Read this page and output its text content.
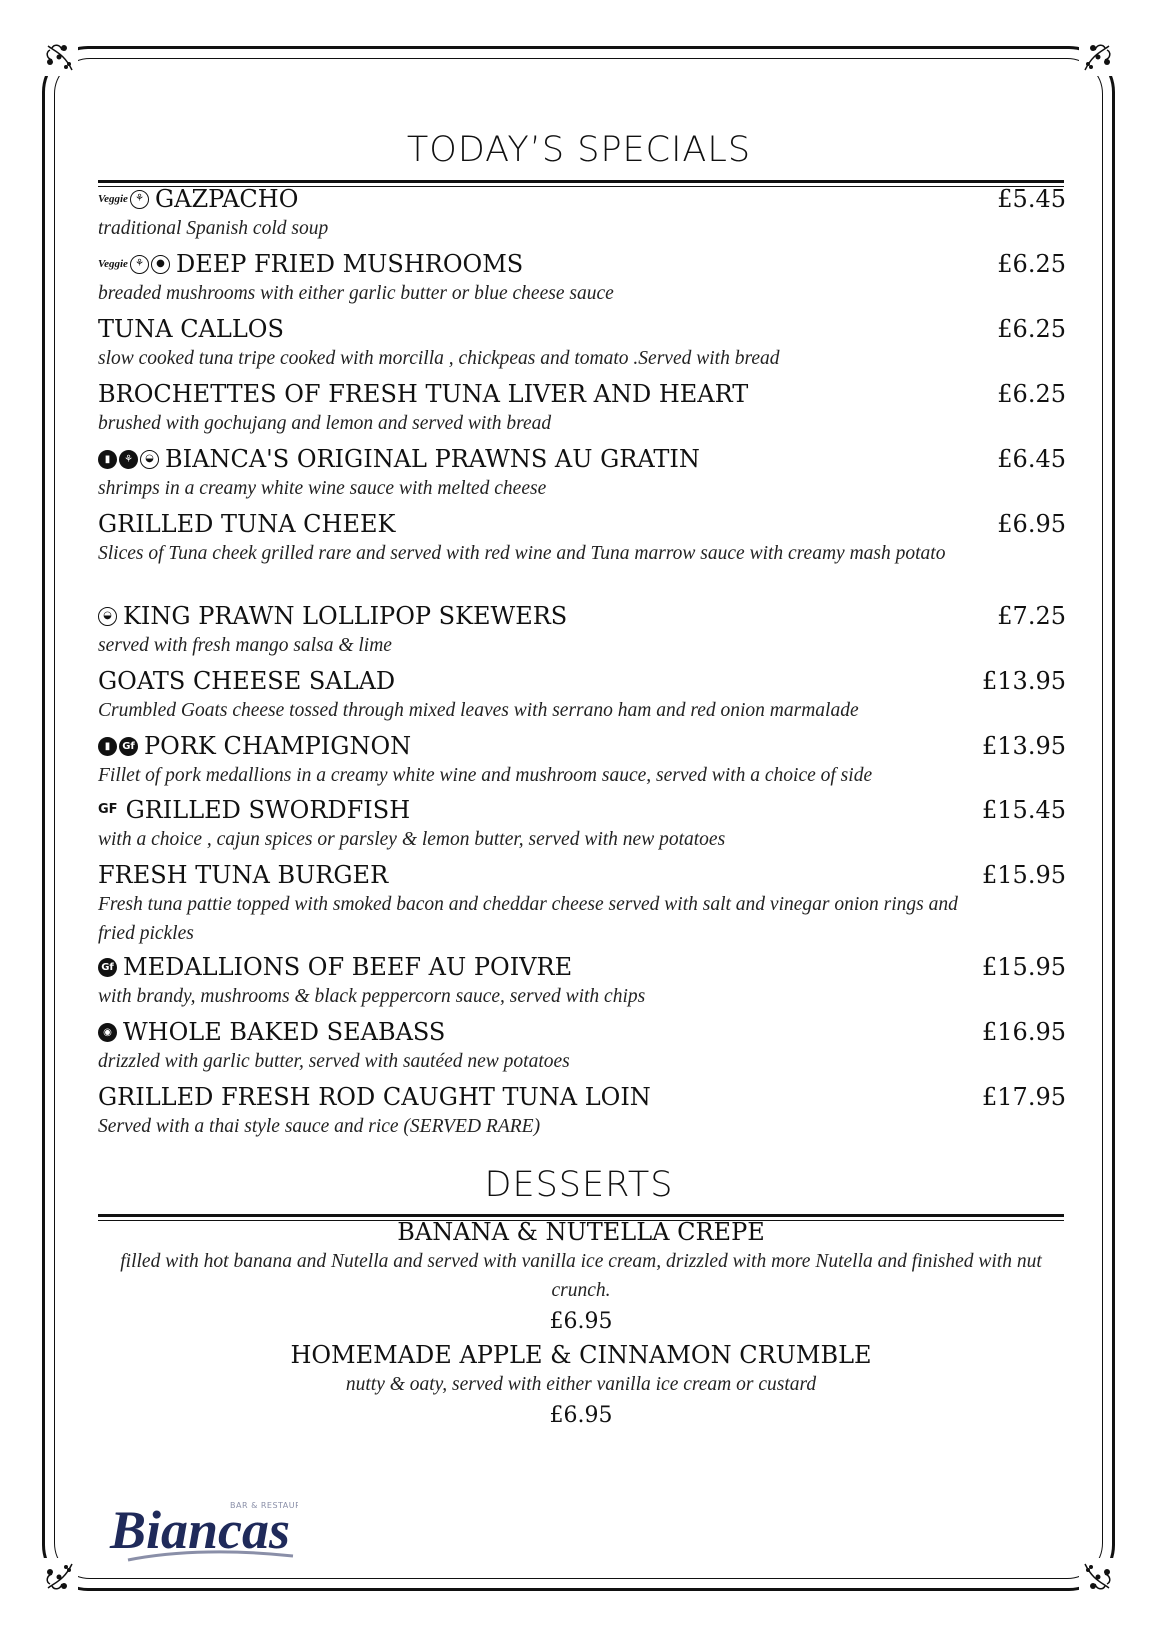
TODAY’S SPECIALS
Veggie ⚘ GAZPACHO	£5.45
traditional Spanish cold soup
Veggie ⚘	● DEEP FRIED MUSHROOMS	£6.25
breaded mushrooms with either garlic butter or blue cheese sauce
TUNA CALLOS	£6.25
slow cooked tuna tripe cooked with morcilla , chickpeas and tomato .Served with bread
BROCHETTES OF FRESH TUNA LIVER AND HEART	£6.25
brushed with gochujang and lemon and served with bread
▮	⚘	◒ BIANCA'S ORIGINAL PRAWNS AU GRATIN	£6.45
shrimps in a creamy white wine sauce with melted cheese
GRILLED TUNA CHEEK	£6.95
Slices of Tuna cheek grilled rare and served with red wine and Tuna marrow sauce with creamy mash potato
◒ KING PRAWN LOLLIPOP SKEWERS	£7.25
served with fresh mango salsa & lime
GOATS CHEESE SALAD	£13.95
Crumbled Goats cheese tossed through mixed leaves with serrano ham and red onion marmalade
▮	Gf PORK CHAMPIGNON	£13.95
Fillet of pork medallions in a creamy white wine and mushroom sauce, served with a choice of side
GF GRILLED SWORDFISH	£15.45
with a choice , cajun spices or parsley & lemon butter, served with new potatoes
FRESH TUNA BURGER	£15.95
Fresh tuna pattie topped with smoked bacon and cheddar cheese served with salt and vinegar onion rings and fried pickles
Gf MEDALLIONS OF BEEF AU POIVRE	£15.95
with brandy, mushrooms & black peppercorn sauce, served with chips
◉ WHOLE BAKED SEABASS	£16.95
drizzled with garlic butter, served with sautéed new potatoes
GRILLED FRESH ROD CAUGHT TUNA LOIN	£17.95
Served with a thai style sauce and rice (SERVED RARE)
DESSERTS
BANANA & NUTELLA CREPE
filled with hot banana and Nutella and served with vanilla ice cream, drizzled with more Nutella and finished with nut crunch.
£6.95
HOMEMADE APPLE & CINNAMON CRUMBLE
nutty & oaty, served with either vanilla ice cream or custard
£6.95
BAR & RESTAU
Biancas
